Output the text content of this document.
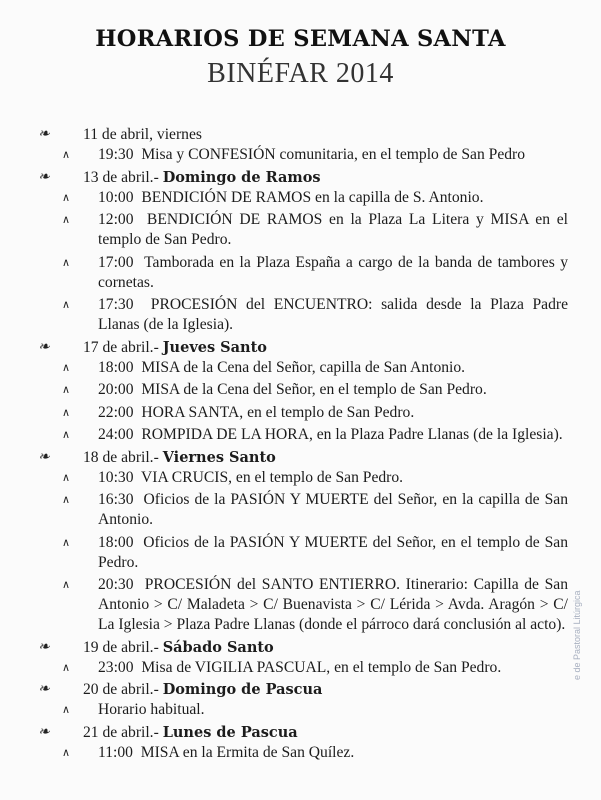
HORARIOS DE SEMANA SANTA
BINÉFAR 2014
❧ 11 de abril, viernes
∧ 19:30  Misa y CONFESIÓN comunitaria, en el templo de San Pedro
❧ 13 de abril.- Domingo de Ramos
∧ 10:00  BENDICIÓN DE RAMOS en la capilla de S. Antonio.
∧ 12:00  BENDICIÓN DE RAMOS en la Plaza La Litera y MISA en el templo de San Pedro.
∧ 17:00  Tamborada en la Plaza España a cargo de la banda de tambores y cornetas.
∧ 17:30  PROCESIÓN del ENCUENTRO: salida desde la Plaza Padre Llanas (de la Iglesia).
❧ 17 de abril.- Jueves Santo
∧ 18:00  MISA de la Cena del Señor, capilla de San Antonio.
∧ 20:00  MISA de la Cena del Señor, en el templo de San Pedro.
∧ 22:00  HORA SANTA, en el templo de San Pedro.
∧ 24:00  ROMPIDA DE LA HORA, en la Plaza Padre Llanas (de la Iglesia).
❧ 18 de abril.- Viernes Santo
∧ 10:30  VIA CRUCIS, en el templo de San Pedro.
∧ 16:30  Oficios de la PASIÓN Y MUERTE del Señor, en la capilla de San Antonio.
∧ 18:00  Oficios de la PASIÓN Y MUERTE del Señor, en el templo de San Pedro.
∧ 20:30  PROCESIÓN del SANTO ENTIERRO. Itinerario: Capilla de San Antonio > C/ Maladeta > C/ Buenavista > C/ Lérida > Avda. Aragón > C/ La Iglesia > Plaza Padre Llanas (donde el párroco dará conclusión al acto).
❧ 19 de abril.- Sábado Santo
∧ 23:00  Misa de VIGILIA PASCUAL, en el templo de San Pedro.
❧ 20 de abril.- Domingo de Pascua
∧ Horario habitual.
❧ 21 de abril.- Lunes de Pascua
∧ 11:00  MISA en la Ermita de San Quílez.
e de Pastoral Litúrgica
